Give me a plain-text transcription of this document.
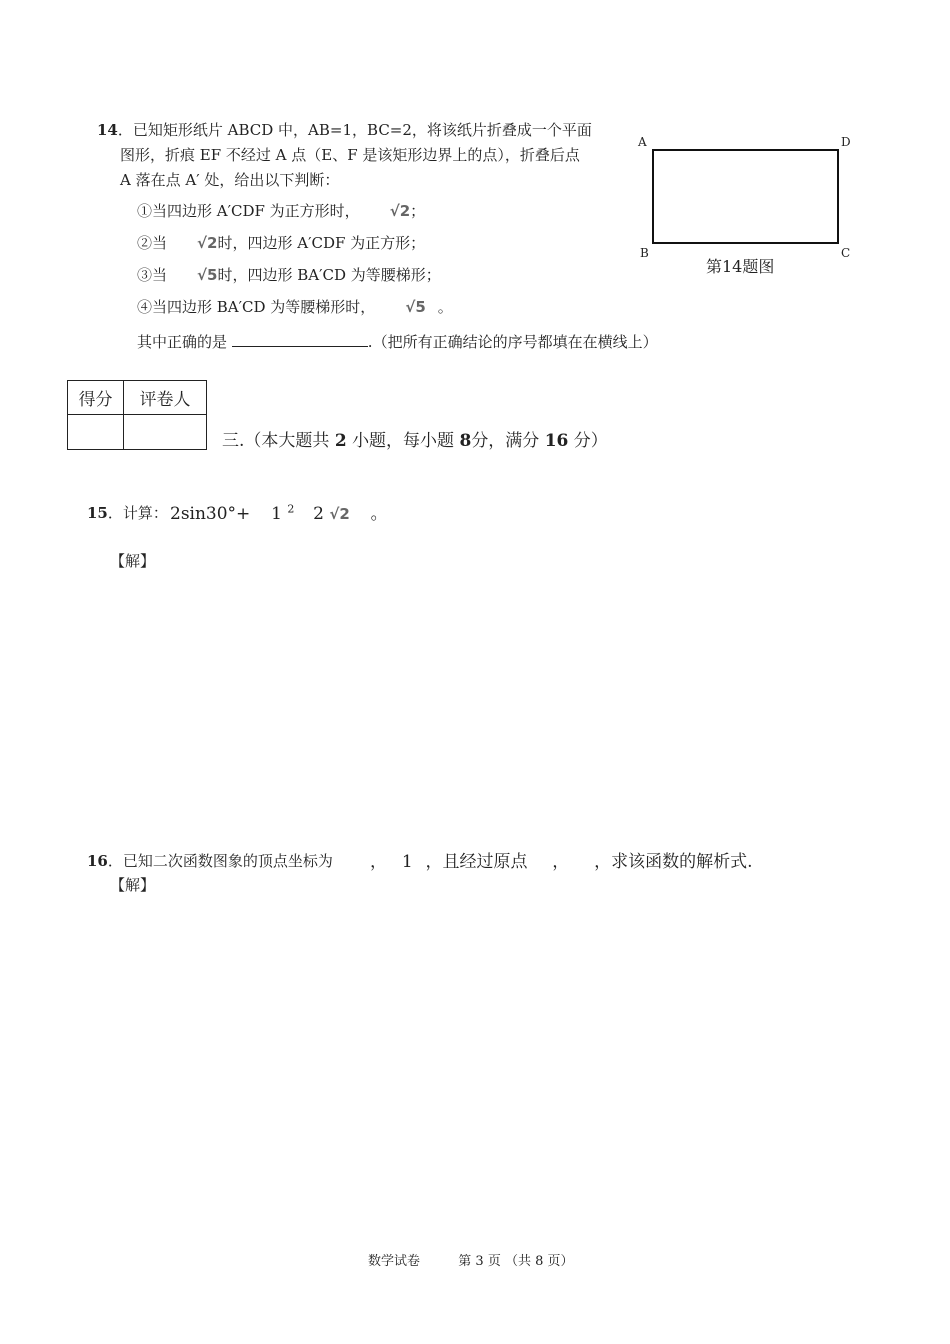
14．已知矩形纸片 ABCD 中，AB=1，BC=2，将该纸片折叠成一个平面
图形，折痕 EF 不经过 A 点（E、F 是该矩形边界上的点），折叠后点
A 落在点 A′ 处，给出以下判断：
①当四边形 A′CDF 为正方形时， √2；
②当 √2时，四边形 A′CDF 为正方形；
③当 √5时，四边形 BA′CD 为等腰梯形；
④当四边形 BA′CD 为等腰梯形时， √5 。
其中正确的是	.（把所有正确结论的序号都填在在横线上）
A	D
B	C
第14题图
得分	评卷人

三.（本大题共 2 小题，每小题 8分，满分 16 分）
15．计算： 2sin30°+ 1 $^2$ 2 √2 。
【解】
16．已知二次函数图象的顶点坐标为 ， 1 ，且经过原点 ， ，求该函数的解析式.
【解】
数学试卷	第 3 页 （共 8 页）
